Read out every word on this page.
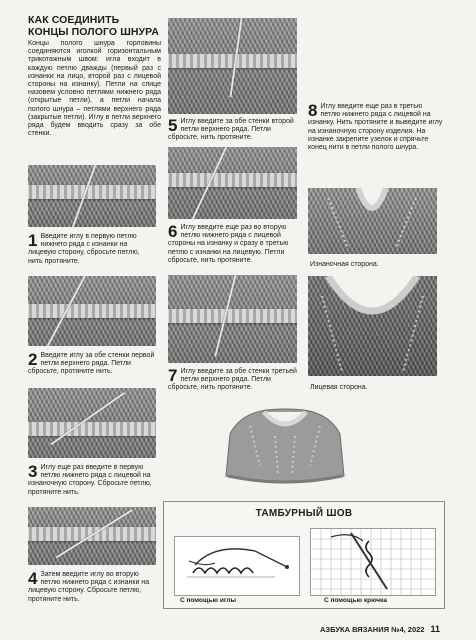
КАК СОЕДИНИТЬ КОНЦЫ ПОЛОГО ШНУРА
Концы полого шнура горловины соединяются иголкой горизонтальным трикотажным швом: игла входит в каждую петлю дважды (первый раз с изнанки на лицо, второй раз с лицевой стороны на изнанку). Петли на спице назовем условно петлями нижнего ряда (открытые петли), а петли начала полого шнура – петлями верхнего ряда (закрытые петли). Иглу в петли верхнего ряда будем вводить сразу за обе стенки.
1 Введите иглу в первую петлю нижнего ряда с изнанки на лицевую сторону, сбросьте петлю, нить протяните.
2 Введите иглу за обе стенки первой петли верхнего ряда. Петли сбросьте, протяните нить.
3 Иглу еще раз введите в первую петлю нижнего ряда с лицевой на изнаночную сторону. Сбросьте петлю, протяните нить.
4 Затем введите иглу во вторую петлю нижнего ряда с изнанки на лицевую сторону. Сбросьте петлю, протяните нить.
5 Иглу введите за обе стенки второй петли верхнего ряда. Петли сбросьте, нить протяните.
6 Иглу введите еще раз во вторую петлю нижнего ряда с лицевой стороны на изнанку и сразу в третью петлю с изнанки на лицевую. Петли сбросьте, нить протяните.
7 Иглу введите за обе стенки третьей петли верхнего ряда. Петли сбросьте, нить протяните.
8 Иглу введите еще раз в третью петлю нижнего ряда с лицевой на изнанку. Нить протяните и выведите иглу на изнаночную сторону изделия. На изнанке закрепите узелок и спрячьте конец нити в петли полого шнура.
Изнаночная сторона.
Лицевая сторона.
ТАМБУРНЫЙ ШОВ
С помощью иглы	С помощью крючка
АЗБУКА ВЯЗАНИЯ №4, 2022 11
